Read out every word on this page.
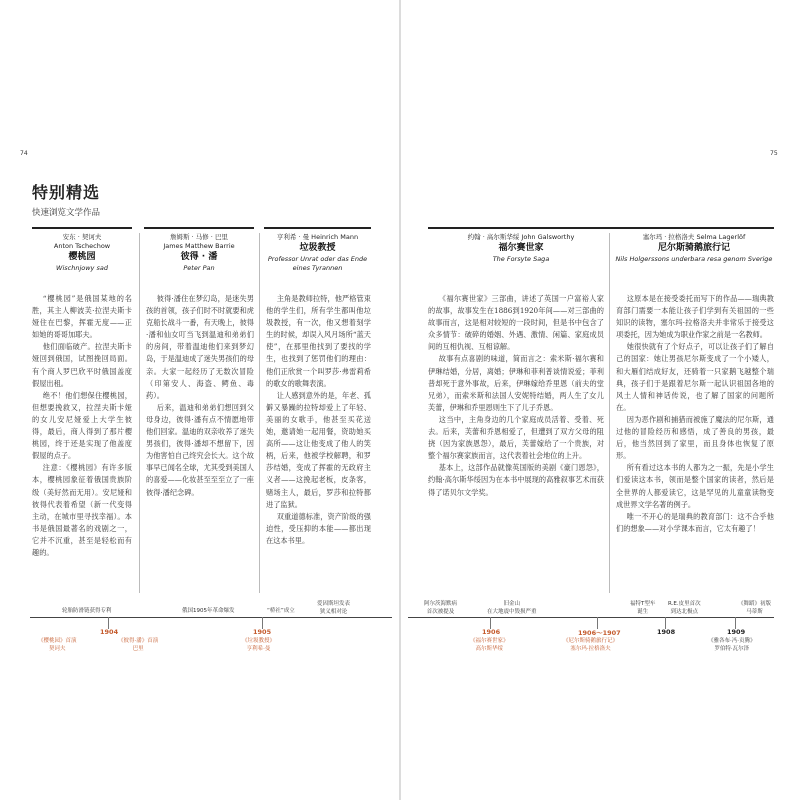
74	75
特别精选
快速浏览文学作品
安东 · 契诃夫
Anton Tschechow
樱桃园
Wischnjowy sad

“樱桃园”是俄国某地的名胜，其主人柳波芙·拉涅夫斯卡娅住在巴黎，挥霍无度——正如她的哥哥加耶夫。

他们面临破产。拉涅夫斯卡娅回到俄国，试图挽回局面。有个商人罗巴欣平时俄国盖度假屋出租。

绝不！他们想保住樱桃园，但想要挽救又，拉涅夫斯卡娅的女儿安尼娅爱上大学生彼得，最后，商人得到了那片樱桃园，终于还是实现了他盖度假屋的点子。

注意：《樱桃园》有许多版本，樱桃园象征着俄国贵族阶级（美好然而无用）。安尼娅和彼得代表着希望（新一代变得主动，在城市里寻找幸福）。本书是俄国最著名的戏剧之一，它并不沉重，甚至是轻松而有趣的。

詹姆斯 · 马修 · 巴里
James Matthew Barrie
彼得 · 潘
Peter Pan

彼得·潘住在梦幻岛，是迷失男孩的首领，孩子们时不时就要和虎克船长战斗一番，有天晚上，彼得·潘和仙女叮当飞到温迪和弟弟们的房间，带着温迪他们来到梦幻岛，于是温迪成了迷失男孩们的母亲。大家一起经历了无数次冒险（印第安人、海盗、鳄鱼、毒药）。

后来，温迪和弟弟们想回到父母身边，彼得·潘有点不情愿地带他们回家。温迪的双亲收养了迷失男孩们，彼得·潘却不想留下，因为他害怕自己终究会长大。这个故事早已闻名全球，尤其受到美国人的喜爱——化妆甚至至至立了一座彼得·潘纪念碑。

亨利希 · 曼 Heinrich Mann
垃圾教授
Professor Unrat oder das Ende eines Tyrannen

主角是教师拉特，他严格管束他的学生们，所有学生都叫他垃圾教授，有一次，他又想着刻学生的时候，却误入风月场所“蓝天使”，在那里他找到了要找的学生，也找到了惩罚他们的理由：他们正欣赏一个叫罗莎·弗雷莉希的歌女的歌舞表演。

让人感到意外的是，年老、孤僻又暴躁的拉特却爱上了年轻、美丽的女歌手，他甚至买花送她，邀请她一起用餐，资助她买高所——这让他变成了他人的笑柄，后来，他被学校解聘，和罗莎结婚，变成了挥霍的无政府主义者——这挽起老板，皮条客，赌场主人，最后，罗莎和拉特都进了监狱。

双重道德标准，资产阶级的强迫性，受压抑的本能——都出现在这本书里。

约翰 · 高尔斯华绥 John Galsworthy
福尔赛世家
The Forsyte Saga

《福尔赛世家》三部曲，讲述了英国一户富裕人家的故事，故事发生在1886到1920年间——对三部曲的故事而言，这是相对较短的一段时间，但是书中包含了众多情节：破碎的婚姻、外遇、激情、闲篇、家庭成员间的互相仇视、互相谅解。

故事有点喜剧的味道，简而言之：索米斯·福尔赛和伊琳结婚，分居，离婚；伊琳和菲利普谈情说爱；菲利普却死于意外事故，后来，伊琳嫁给乔里恩（前夫的堂兄弟），而索米斯和法国人安妮特结婚，两人生了女儿芙蕾，伊琳和乔里恩则生下了儿子乔恩。

这当中，主角身边的几个家庭成员活着、受着、死去。后来，芙蕾和乔恩相爱了，但遭到了双方父母的阻挠（因为家族恩怨），最后，芙蕾嫁给了一个贵族，对整个福尔赛家族而言，这代表着社会地位的上升。

基本上，这部作品就像英国版的美剧《豪门恩怨》，约翰·高尔斯华绥因为在本书中展现的高雅叙事艺术而获得了诺贝尔文学奖。

塞尔玛 · 拉格洛夫 Selma Lagerlöf
尼尔斯骑鹅旅行记
Nils Holgerssons underbara resa genom Sverige

这原本是在接受委托而写下的作品——瑞典教育部门需要一本能让孩子们学到有关祖国的一些知识的读物，塞尔玛·拉格洛夫并非常乐于接受这项委托，因为她成为职业作家之前是一名教师。

她很快就有了个好点子，可以让孩子们了解自己的国家：她让男孩尼尔斯变成了一个小矮人，和大雁们结成好友，还骑着一只家鹅飞越整个瑞典，孩子们于是跟着尼尔斯一起认识祖国各地的风土人情和神话传说，也了解了国家的问题所在。

因为恶作剧和捕猎而被施了魔法的尼尔斯，通过他的冒险经历和感悟，成了善良的男孩，最后，他当然回到了家里，而且身体也恢复了原形。

所有看过这本书的人都为之一振，先是小学生们爱读这本书，领而是整个国家的读者，然后是全世界的人都爱读它，这是罕见的儿童童读物变成世界文学名著的例子。

唯一不开心的是瑞典的教育部门：这不合乎他们的想象——对小学课本而言，它太有趣了！

轮胎防滑链获得专利	俄国1905年革命爆发	“桥社”成立
爱因斯坦发表
狭义相对论
阿尔茨海默病
首次被提及
旧金山
在大地震中毁损严重
福特T型车
诞生
R.E.皮里首次
到达北极点
《舞蹈》初版
马蒂斯
1904	1905	1906	1906～1907	1908	1909
《樱桃园》首演
契诃夫
《彼得·潘》首演
巴里
《垃圾教授》
亨利希·曼
《福尔赛世家》
高尔斯华绥
《尼尔斯骑鹅旅行记》
塞尔玛·拉格洛夫
《雅各布·冯·贡腾》
罗伯特·瓦尔泽
